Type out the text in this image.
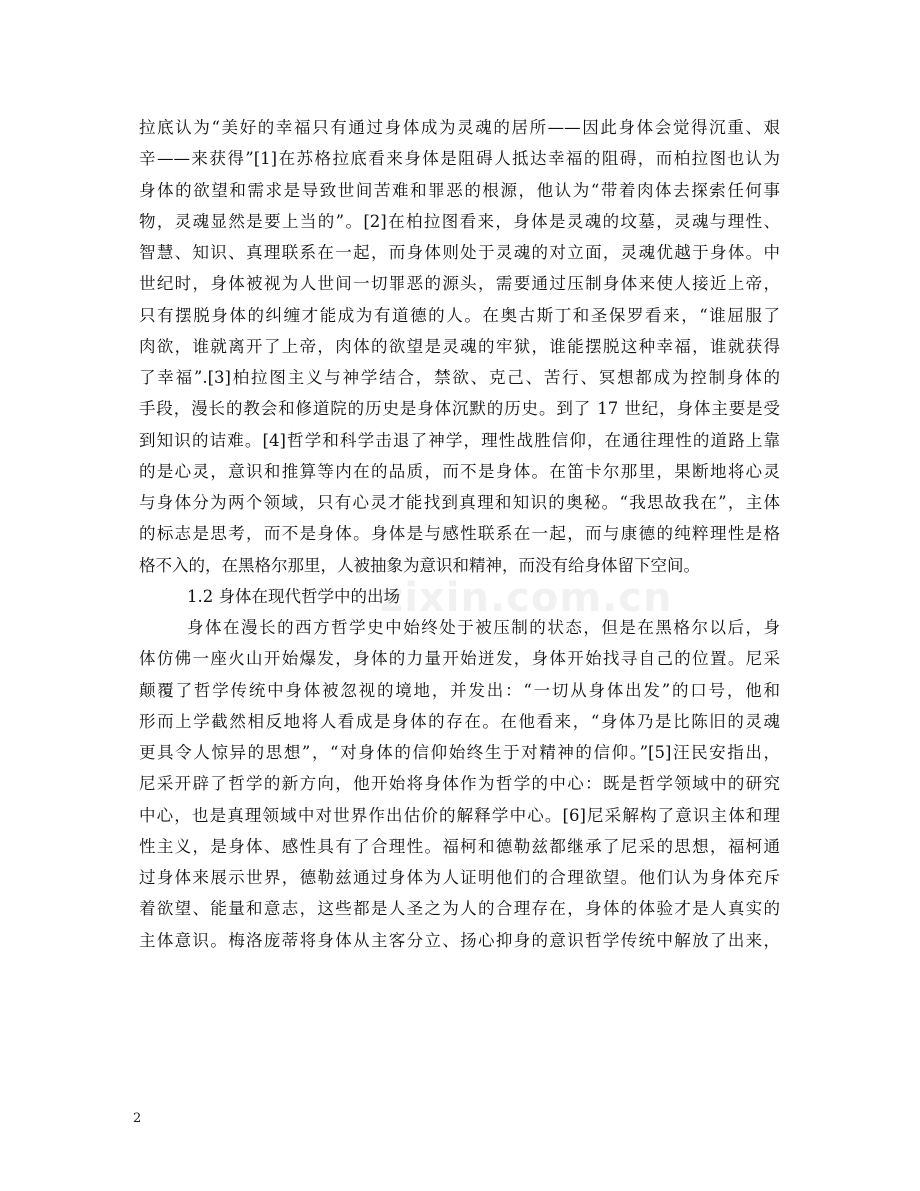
zixin.com.cn
拉底认为“美好的幸福只有通过身体成为灵魂的居所——因此身体会觉得沉重、艰
辛——来获得”[1]在苏格拉底看来身体是阻碍人抵达幸福的阻碍，而柏拉图也认为
身体的欲望和需求是导致世间苦难和罪恶的根源，他认为“带着肉体去探索任何事
物，灵魂显然是要上当的”。[2]在柏拉图看来，身体是灵魂的坟墓，灵魂与理性、
智慧、知识、真理联系在一起，而身体则处于灵魂的对立面，灵魂优越于身体。中
世纪时，身体被视为人世间一切罪恶的源头，需要通过压制身体来使人接近上帝，
只有摆脱身体的纠缠才能成为有道德的人。在奥古斯丁和圣保罗看来，“谁屈服了
肉欲，谁就离开了上帝，肉体的欲望是灵魂的牢狱，谁能摆脱这种幸福，谁就获得
了幸福”.[3]柏拉图主义与神学结合，禁欲、克己、苦行、冥想都成为控制身体的
手段，漫长的教会和修道院的历史是身体沉默的历史。到了 17 世纪，身体主要是受
到知识的诘难。[4]哲学和科学击退了神学，理性战胜信仰，在通往理性的道路上靠
的是心灵，意识和推算等内在的品质，而不是身体。在笛卡尔那里，果断地将心灵
与身体分为两个领域，只有心灵才能找到真理和知识的奥秘。“我思故我在”，主体
的标志是思考，而不是身体。身体是与感性联系在一起，而与康德的纯粹理性是格
格不入的，在黑格尔那里，人被抽象为意识和精神，而没有给身体留下空间。
1.2 身体在现代哲学中的出场
身体在漫长的西方哲学史中始终处于被压制的状态，但是在黑格尔以后，身
体仿佛一座火山开始爆发，身体的力量开始迸发，身体开始找寻自己的位置。尼采
颠覆了哲学传统中身体被忽视的境地，并发出：“一切从身体出发”的口号，他和
形而上学截然相反地将人看成是身体的存在。在他看来，“身体乃是比陈旧的灵魂
更具令人惊异的思想”，“对身体的信仰始终生于对精神的信仰。”[5]汪民安指出，
尼采开辟了哲学的新方向，他开始将身体作为哲学的中心：既是哲学领域中的研究
中心，也是真理领域中对世界作出估价的解释学中心。[6]尼采解构了意识主体和理
性主义，是身体、感性具有了合理性。福柯和德勒兹都继承了尼采的思想，福柯通
过身体来展示世界，德勒兹通过身体为人证明他们的合理欲望。他们认为身体充斥
着欲望、能量和意志，这些都是人圣之为人的合理存在，身体的体验才是人真实的
主体意识。梅洛庞蒂将身体从主客分立、扬心抑身的意识哲学传统中解放了出来，
2
